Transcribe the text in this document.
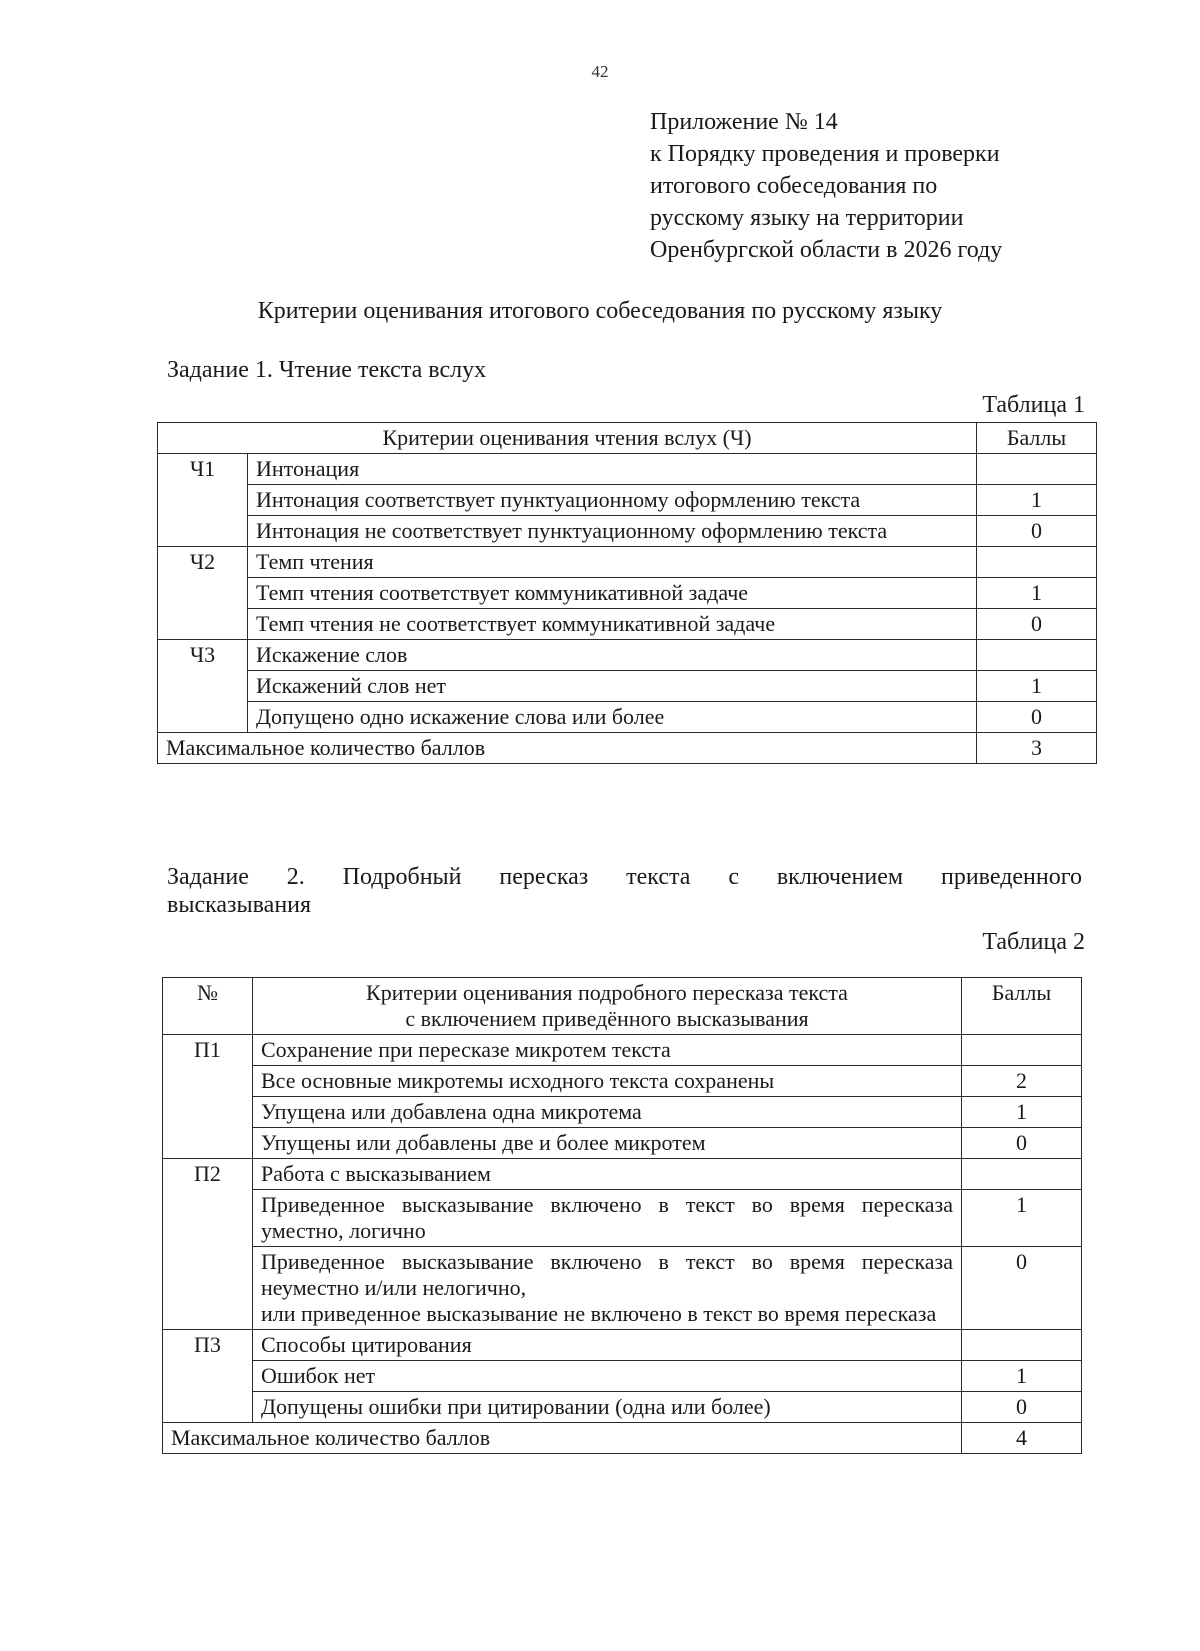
42
Приложение № 14
к Порядку проведения и проверки
итогового собеседования по
русскому языку на территории
Оренбургской области в 2026 году
Критерии оценивания итогового собеседования по русскому языку
Задание 1. Чтение текста вслух
Таблица 1
Критерии оценивания чтения вслух (Ч)		Баллы
Ч1	Интонация	
	Интонация соответствует пунктуационному оформлению текста	1
	Интонация не соответствует пунктуационному оформлению текста	0
Ч2	Темп чтения	
	Темп чтения соответствует коммуникативной задаче	1
	Темп чтения не соответствует коммуникативной задаче	0
Ч3	Искажение слов	
	Искажений слов нет	1
	Допущено одно искажение слова или более	0
Максимальное количество баллов		3
Задание 2. Подробный пересказ текста с включением приведенного
высказывания
Таблица 2
№	Критерии оценивания подробного пересказа текста
с включением приведённого высказывания	Баллы
П1	Сохранение при пересказе микротем текста	
	Все основные микротемы исходного текста сохранены	2
	Упущена или добавлена одна микротема	1
	Упущены или добавлены две и более микротем	0
П2	Работа с высказыванием	
	Приведенное высказывание включено в текст во время пересказа уместно, логично	1

	Приведенное высказывание включено в текст во время пересказа неуместно и/или нелогично,
или приведенное высказывание не включено в текст во время пересказа	0
П3	Способы цитирования	
	Ошибок нет	1
	Допущены ошибки при цитировании (одна или более)	0
Максимальное количество баллов		4
